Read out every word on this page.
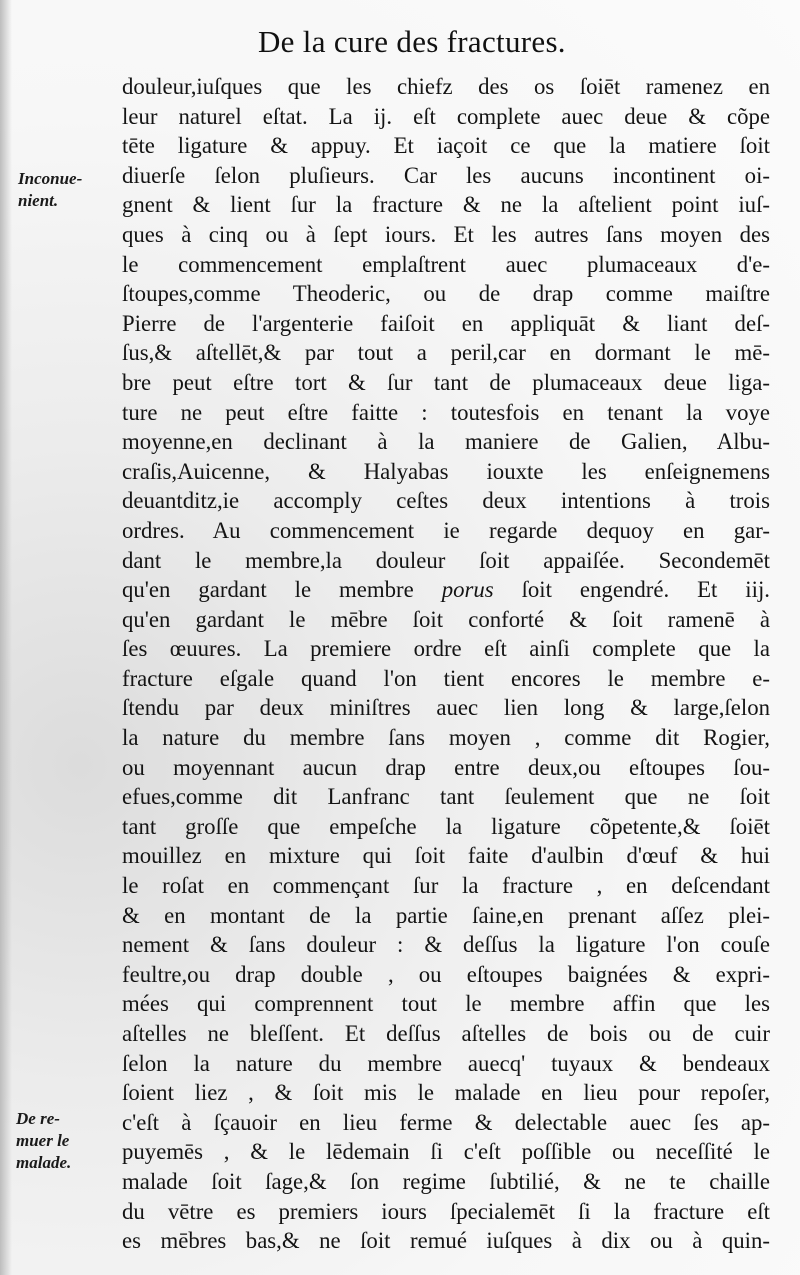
De la cure des fractures.
Inconue-
nient.
De re-
muer le
malade.
douleur,iuſques que les chiefz des os ſoiēt ramenez en
leur naturel eſtat. La ij. eſt complete auec deue & cõpe
tēte ligature & appuy. Et iaçoit ce que la matiere ſoit
diuerſe ſelon pluſieurs. Car les aucuns incontinent oi-
gnent & lient ſur la fracture & ne la aſtelient point iuſ-
ques à cinq ou à ſept iours. Et les autres ſans moyen des
le commencement emplaſtrent auec plumaceaux d'e-
ſtoupes,comme Theoderic, ou de drap comme maiſtre
Pierre de l'argenterie faiſoit en appliquāt & liant deſ-
ſus,& aſtellēt,& par tout a peril,car en dormant le mē-
bre peut eſtre tort & ſur tant de plumaceaux deue liga-
ture ne peut eſtre faitte : toutesfois en tenant la voye
moyenne,en declinant à la maniere de Galien, Albu-
craſis,Auicenne, & Halyabas iouxte les enſeignemens
deuantditz,ie accomply ceſtes deux intentions à trois
ordres. Au commencement ie regarde dequoy en gar-
dant le membre,la douleur ſoit appaiſée. Secondemēt
qu'en gardant le membre porus ſoit engendré. Et iij.
qu'en gardant le mēbre ſoit conforté & ſoit ramenē à
ſes œuures. La premiere ordre eſt ainſi complete que la
fracture eſgale quand l'on tient encores le membre e-
ſtendu par deux miniſtres auec lien long & large,ſelon
la nature du membre ſans moyen , comme dit Rogier,
ou moyennant aucun drap entre deux,ou eſtoupes ſou-
efues,comme dit Lanfranc tant ſeulement que ne ſoit
tant groſſe que empeſche la ligature cõpetente,& ſoiēt
mouillez en mixture qui ſoit faite d'aulbin d'œuf & hui
le roſat en commençant ſur la fracture , en deſcendant
& en montant de la partie ſaine,en prenant aſſez plei-
nement & ſans douleur : & deſſus la ligature l'on couſe
feultre,ou drap double , ou eſtoupes baignées & expri-
mées qui comprennent tout le membre affin que les
aſtelles ne bleſſent. Et deſſus aſtelles de bois ou de cuir
ſelon la nature du membre auecq' tuyaux & bendeaux
ſoient liez , & ſoit mis le malade en lieu pour repoſer,
c'eſt à ſçauoir en lieu ferme & delectable auec ſes ap-
puyemēs , & le lēdemain ſi c'eſt poſſible ou neceſſité le
malade ſoit ſage,& ſon regime ſubtilié, & ne te chaille
du vētre es premiers iours ſpecialemēt ſi la fracture eſt
es mēbres bas,& ne ſoit remué iuſques à dix ou à quin-
